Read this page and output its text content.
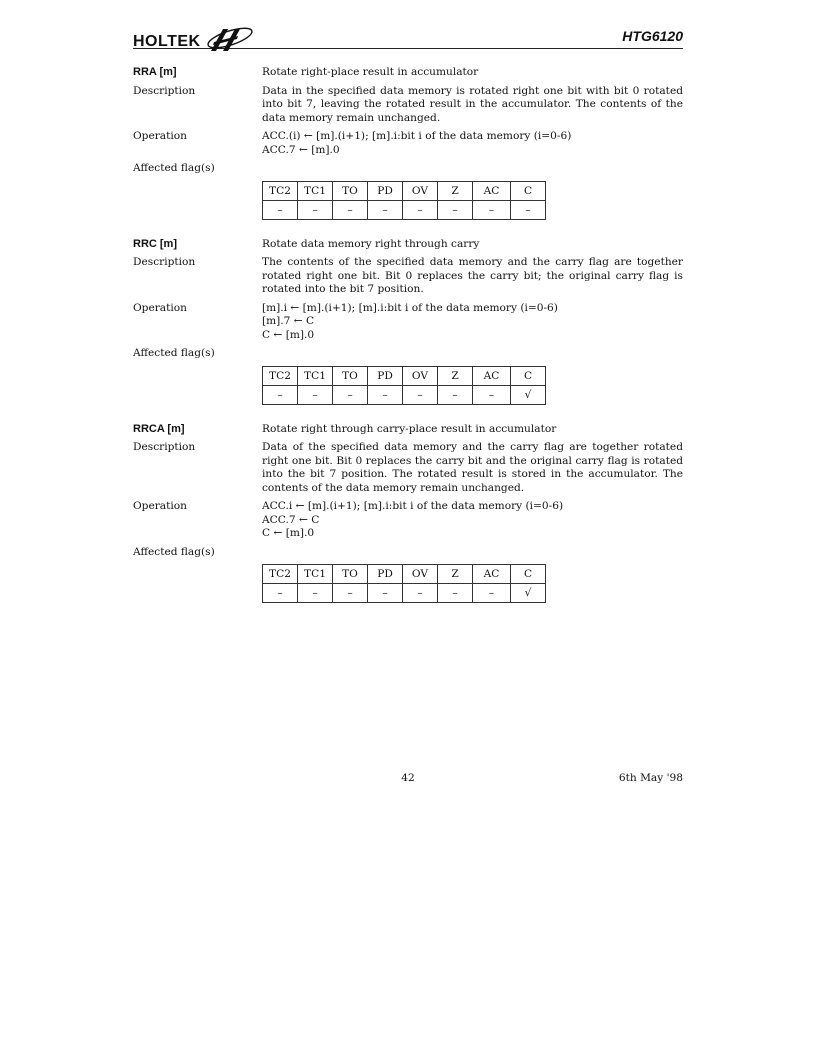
HOLTEK	HTG6120
RRA [m]	Rotate right-place result in accumulator
Description	Data in the specified data memory is rotated right one bit with bit 0 rotated into bit 7, leaving the rotated result in the accumulator. The contents of the data memory remain unchanged.
Operation	ACC.(i) ← [m].(i+1); [m].i:bit i of the data memory (i=0-6)
ACC.7 ← [m].0
Affected flag(s)
TC2	TC1	TO	PD	OV	Z	AC	C
–	–	–	–	–	–	–	–
RRC [m]	Rotate data memory right through carry
Description	The contents of the specified data memory and the carry flag are together rotated right one bit. Bit 0 replaces the carry bit; the original carry flag is rotated into the bit 7 position.
Operation	[m].i ← [m].(i+1); [m].i:bit i of the data memory (i=0-6)
[m].7 ← C
C ← [m].0
Affected flag(s)
TC2	TC1	TO	PD	OV	Z	AC	C
–	–	–	–	–	–	–	√
RRCA [m]	Rotate right through carry-place result in accumulator
Description	Data of the specified data memory and the carry flag are together rotated right one bit. Bit 0 replaces the carry bit and the original carry flag is rotated into the bit 7 position. The rotated result is stored in the accumulator. The contents of the data memory remain unchanged.
Operation	ACC.i ← [m].(i+1); [m].i:bit i of the data memory (i=0-6)
ACC.7 ← C
C ← [m].0
Affected flag(s)
TC2	TC1	TO	PD	OV	Z	AC	C
–	–	–	–	–	–	–	√
42	6th May '98
